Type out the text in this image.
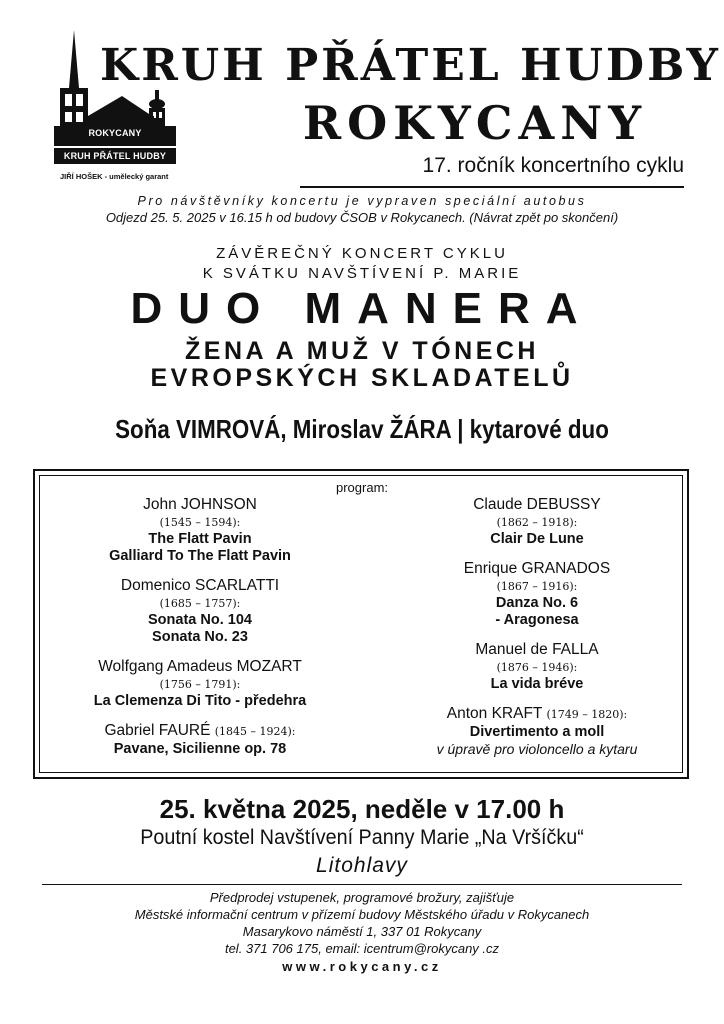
ROKYCANY
KRUH PŘÁTEL HUDBY
JIŘÍ HOŠEK - umělecký garant
KRUH PŘÁTEL HUDBY
ROKYCANY
17. ročník koncertního cyklu
Pro návštěvníky koncertu je vypraven speciální autobus
Odjezd 25. 5. 2025 v 16.15 h od budovy ČSOB v Rokycanech. (Návrat zpět po skončení)
ZÁVĚREČNÝ KONCERT CYKLU
K SVÁTKU NAVŠTÍVENÍ P. MARIE
DUO MANERA
ŽENA A MUŽ V TÓNECH
EVROPSKÝCH SKLADATELŮ
Soňa VIMROVÁ, Miroslav ŽÁRA | kytarové duo
program:
John JOHNSON
(1545 – 1594):
The Flatt Pavin
Galliard To The Flatt Pavin
Domenico SCARLATTI
(1685 – 1757):
Sonata No. 104
Sonata No. 23
Wolfgang Amadeus MOZART
(1756 – 1791):
La Clemenza Di Tito - předehra
Gabriel FAURÉ (1845 – 1924):
Pavane, Sicilienne op. 78
Claude DEBUSSY
(1862 – 1918):
Clair De Lune
Enrique GRANADOS
(1867 – 1916):
Danza No. 6
- Aragonesa
Manuel de FALLA
(1876 – 1946):
La vida bréve
Anton KRAFT (1749 – 1820):
Divertimento a moll
v úpravě pro violoncello a kytaru
25. května 2025, neděle v 17.00 h
Poutní kostel Navštívení Panny Marie „Na Vršíčku“
Litohlavy
Předprodej vstupenek, programové brožury, zajišťuje
Městské informační centrum v přízemí budovy Městského úřadu v Rokycanech
Masarykovo náměstí 1, 337 01 Rokycany
tel. 371 706 175, email: icentrum@rokycany .cz
www.rokycany.cz
